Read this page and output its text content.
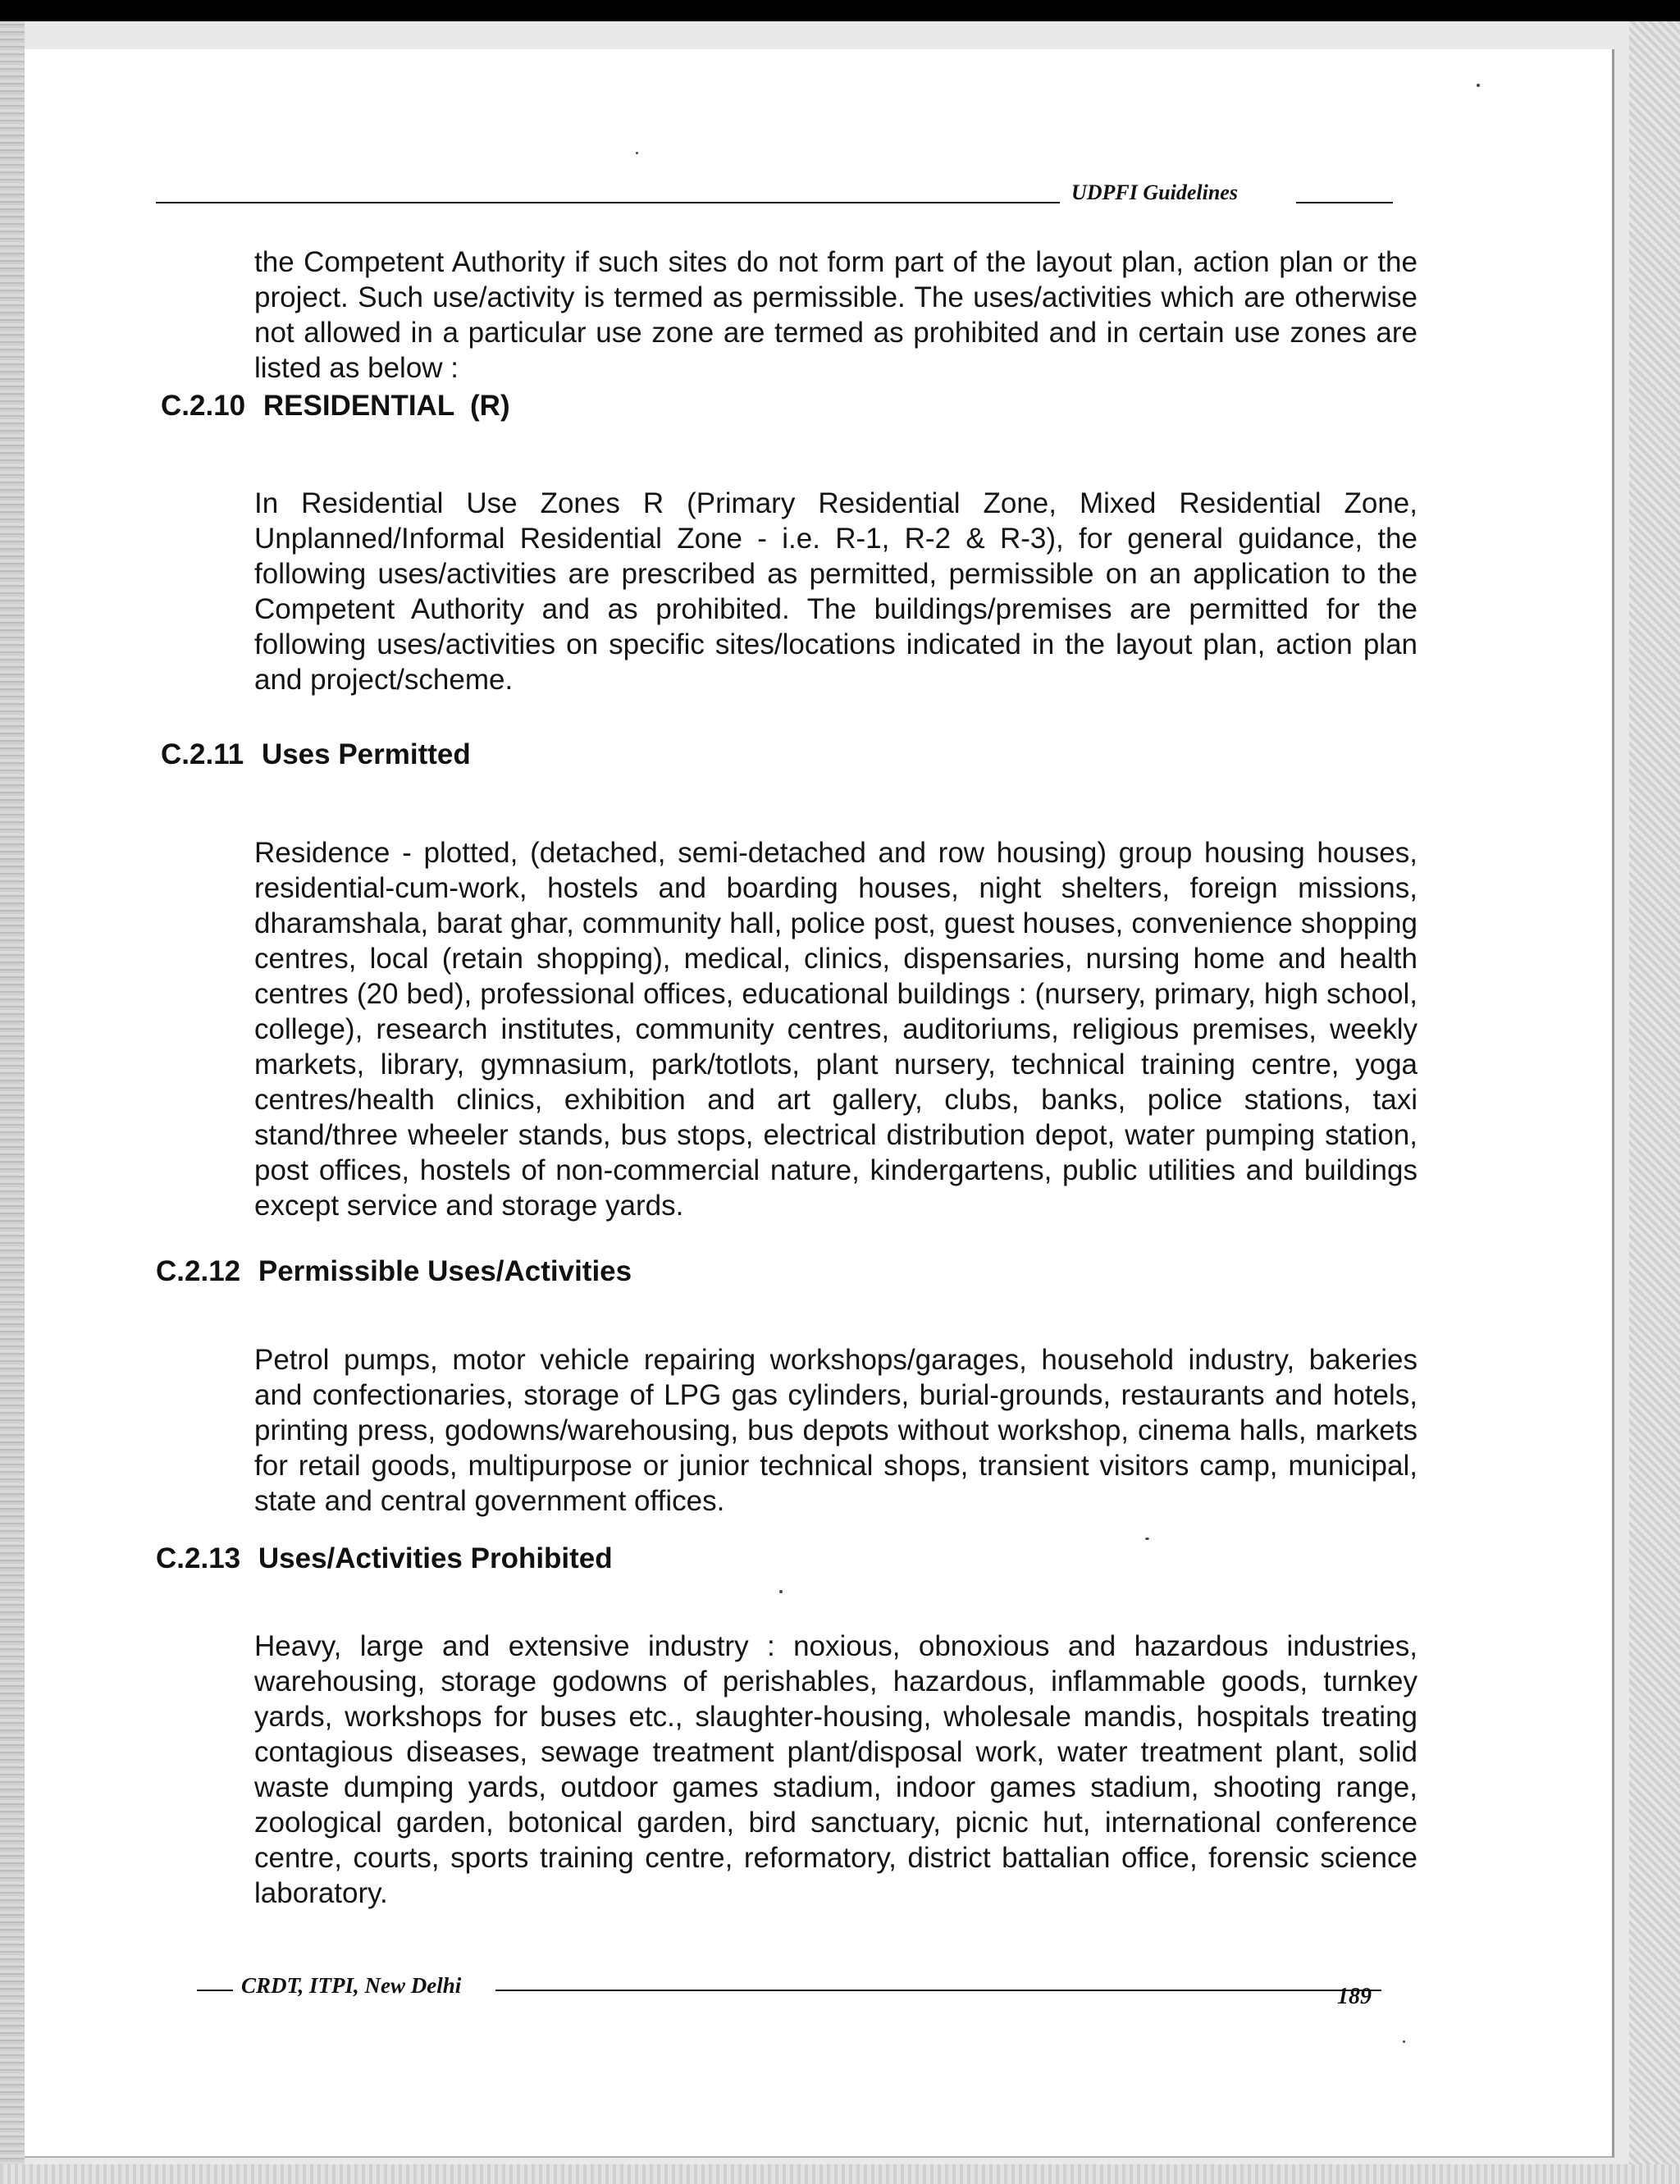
UDPFI Guidelines

the Competent Authority if such sites do not form part of the layout plan, action plan or the project. Such use/activity is termed as permissible. The uses/activities which are otherwise not allowed in a particular use zone are termed as prohibited and in certain use zones are listed as below :

C.2.10 RESIDENTIAL  (R)

In Residential Use Zones R (Primary Residential Zone, Mixed Residential Zone, Unplanned/Informal Residential Zone - i.e. R-1, R-2 & R-3), for general guidance, the following uses/activities are prescribed as permitted, permissible on an application to the Competent Authority and as prohibited. The buildings/premises are permitted for the following uses/activities on specific sites/locations indicated in the layout plan, action plan and project/scheme.

C.2.11 Uses Permitted

Residence - plotted, (detached, semi-detached and row housing) group housing houses, residential-cum-work, hostels and boarding houses, night shelters, foreign missions, dharamshala, barat ghar, community hall, police post, guest houses, convenience shopping centres, local (retain shopping), medical, clinics, dispensaries, nursing home and health centres (20 bed), professional offices, educational buildings : (nursery, primary, high school, college), research institutes, community centres, auditoriums, religious premises, weekly markets, library, gymnasium, park/totlots, plant nursery, technical training centre, yoga centres/health clinics, exhibition and art gallery, clubs, banks, police stations, taxi stand/three wheeler stands, bus stops, electrical distribution depot, water pumping station, post offices, hostels of non-commercial nature, kindergartens, public utilities and buildings except service and storage yards.

C.2.12 Permissible Uses/Activities

Petrol pumps, motor vehicle repairing workshops/garages, household industry, bakeries and confectionaries, storage of LPG gas cylinders, burial-grounds, restaurants and hotels, printing press, godowns/warehousing, bus depots without workshop, cinema halls, markets for retail goods, multipurpose or junior technical shops, transient visitors camp, municipal, state and central government offices.

C.2.13 Uses/Activities Prohibited

Heavy, large and extensive industry : noxious, obnoxious and hazardous industries, warehousing, storage godowns of perishables, hazardous, inflammable goods, turnkey yards, workshops for buses etc., slaughter-housing, wholesale mandis, hospitals treating contagious diseases, sewage treatment plant/disposal work, water treatment plant, solid waste dumping yards, outdoor games stadium, indoor games stadium, shooting range, zoological garden, botonical garden, bird sanctuary, picnic hut, international conference centre, courts, sports training centre, reformatory, district battalian office, forensic science laboratory.

CRDT, ITPI, New Delhi	189
